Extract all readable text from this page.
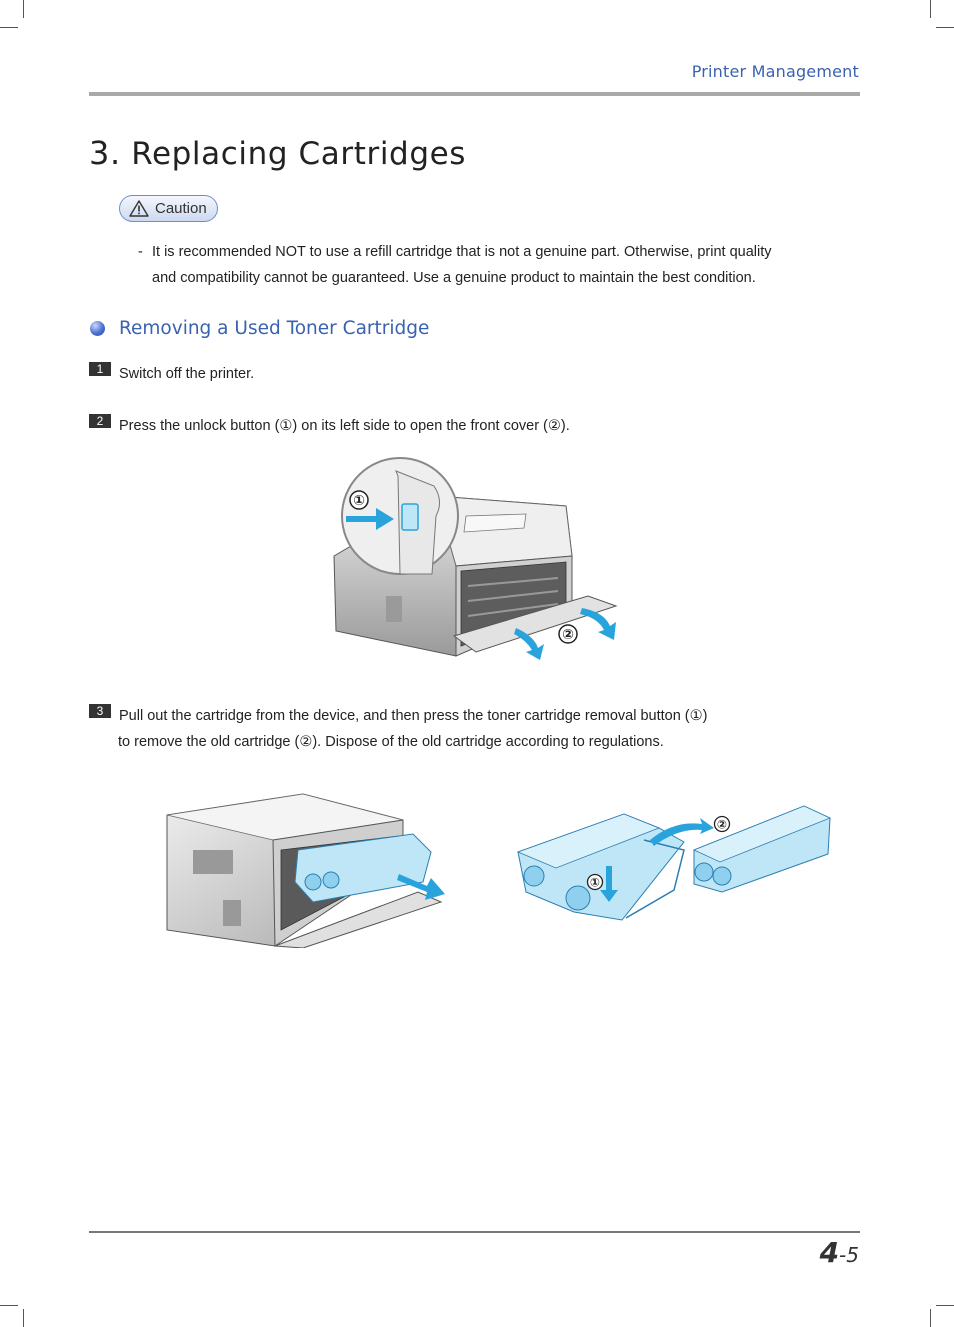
Printer Management
3. Replacing Cartridges
Caution
- It is recommended NOT to use a refill cartridge that is not a genuine part. Otherwise, print quality
and compatibility cannot be guaranteed. Use a genuine product to maintain the best condition.
Removing a Used Toner Cartridge
1	Switch off the printer.
2	Press the unlock button (①) on its left side to open the front cover (②).
①
②
3	Pull out the cartridge from the device, and then press the toner cartridge removal button (①)
to remove the old cartridge (②). Dispose of the old cartridge according to regulations.
①
②
4-5
